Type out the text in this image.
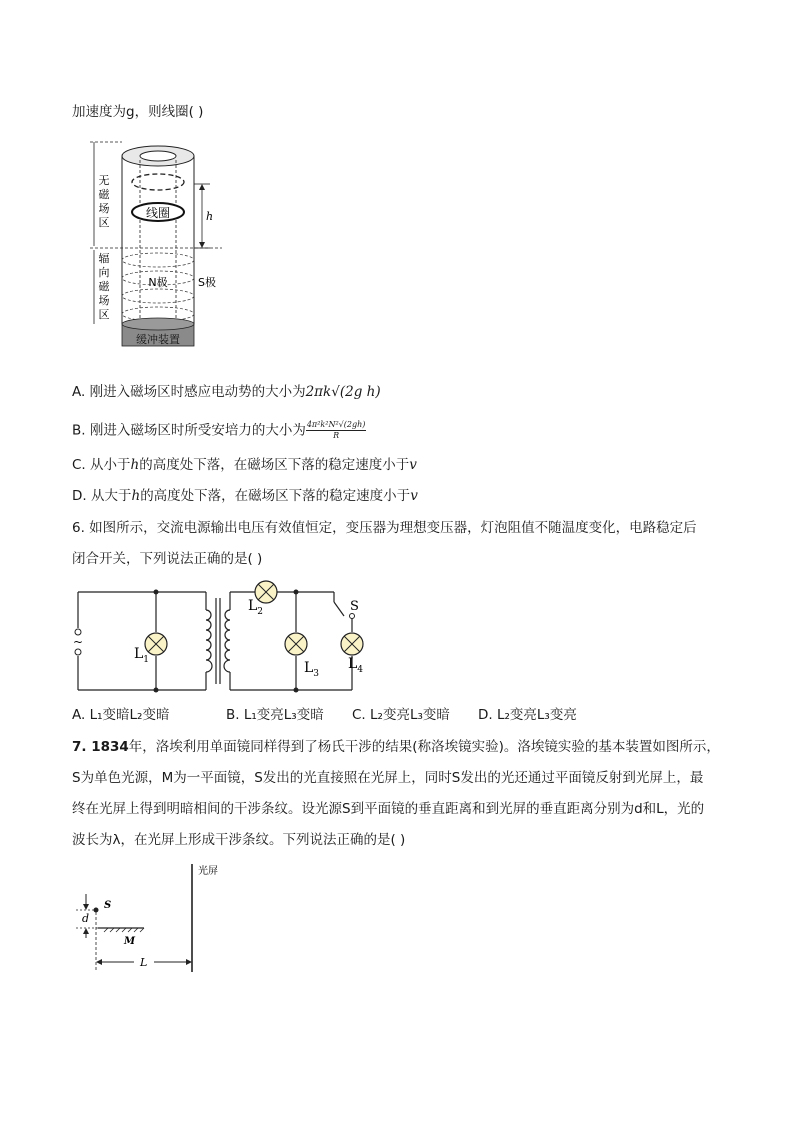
加速度为g，则线圈( )
线圈
N极	S极
缓冲装置
无
磁
场
区
辐
向
磁
场
区
h
A. 刚进入磁场区时感应电动势的大小为2πk√(2g h)
B. 刚进入磁场区时所受安培力的大小为 $\frac{\text{4π²k²N²√(2gh)}}{R}$
C. 从小于h的高度处下落，在磁场区下落的稳定速度小于v
D. 从大于h的高度处下落，在磁场区下落的稳定速度小于v
6. 如图所示，交流电源输出电压有效值恒定，变压器为理想变压器，灯泡阻值不随温度变化，电路稳定后
闭合开关，下列说法正确的是( )
~
$L_1$
$L_2$
$L_3$
$L_4$
S
A. L₁变暗L₂变暗	B. L₁变亮L₃变暗 C. L₂变亮L₃变暗 D. L₂变亮L₃变亮
7. 1834年，洛埃利用单面镜同样得到了杨氏干涉的结果(称洛埃镜实验)。洛埃镜实验的基本装置如图所示，
S为单色光源，M为一平面镜，S发出的光直接照在光屏上，同时S发出的光还通过平面镜反射到光屏上，最
终在光屏上得到明暗相间的干涉条纹。设光源S到平面镜的垂直距离和到光屏的垂直距离分别为d和L，光的
波长为λ，在光屏上形成干涉条纹。下列说法正确的是( )
光屏
S
d
M
L
